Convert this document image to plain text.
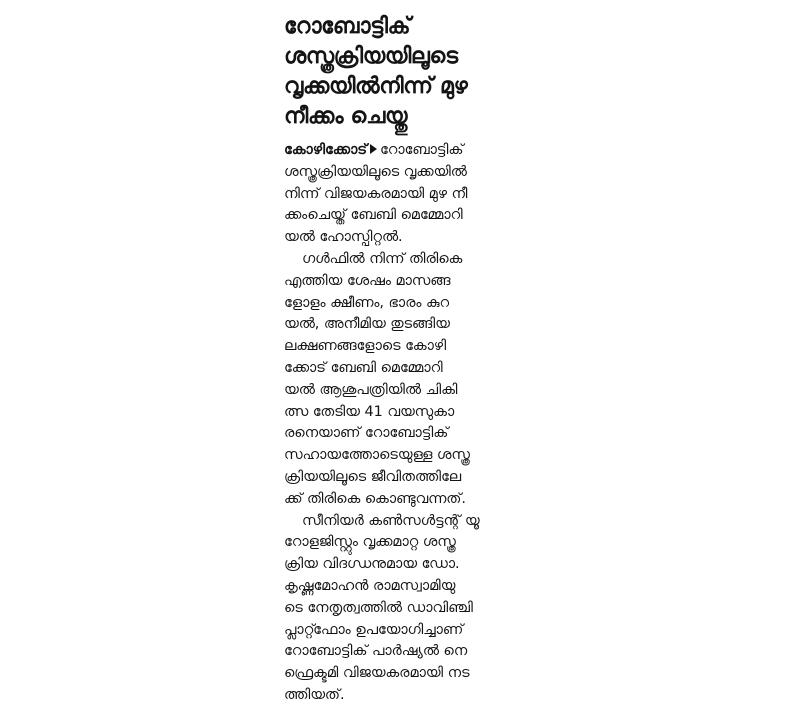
റോബോട്ടിക്
ശസ്ത്രക്രിയയിലൂടെ
വൃക്കയിൽനിന്ന് മുഴ
നീക്കം ചെയ്തു
കോഴിക്കോട് റോബോട്ടിക്
ശസ്ത്രക്രിയയിലൂടെ വൃക്കയിൽ
നിന്ന് വിജയകരമായി മുഴ നീ
ക്കംചെയ്ത് ബേബി മെമ്മോറി
യൽ ഹോസ്പിറ്റൽ.
ഗൾഫിൽ നിന്ന് തിരികെ
എത്തിയ ശേഷം മാസങ്ങ
ളോളം ക്ഷീണം, ഭാരം കുറ
യൽ, അനീമിയ തുടങ്ങിയ
ലക്ഷണങ്ങളോടെ കോഴി
ക്കോട് ബേബി മെമ്മോറി
യൽ ആശുപത്രിയിൽ ചികി
ത്സ തേടിയ 41 വയസുകാ
രനെയാണ് റോബോട്ടിക്
സഹായത്തോടെയുള്ള ശസ്ത്ര
ക്രിയയിലൂടെ ജീവിതത്തിലേ
ക്ക് തിരികെ കൊണ്ടുവന്നത്.
സീനിയർ കൺസൾട്ടന്റ് യൂ
റോളജിസ്റ്റും വൃക്കമാറ്റ ശസ്ത്ര
ക്രിയ വിദഗ്ധനുമായ ഡോ.
കൃഷ്ണമോഹൻ രാമസ്വാമിയു
ടെ നേതൃത്വത്തിൽ ഡാവിഞ്ചി
പ്ലാറ്റ്ഫോം ഉപയോഗിച്ചാണ്
റോബോട്ടിക് പാർഷ്യൽ നെ
ഫ്രെക്ടമി വിജയകരമായി നട
ത്തിയത്.
